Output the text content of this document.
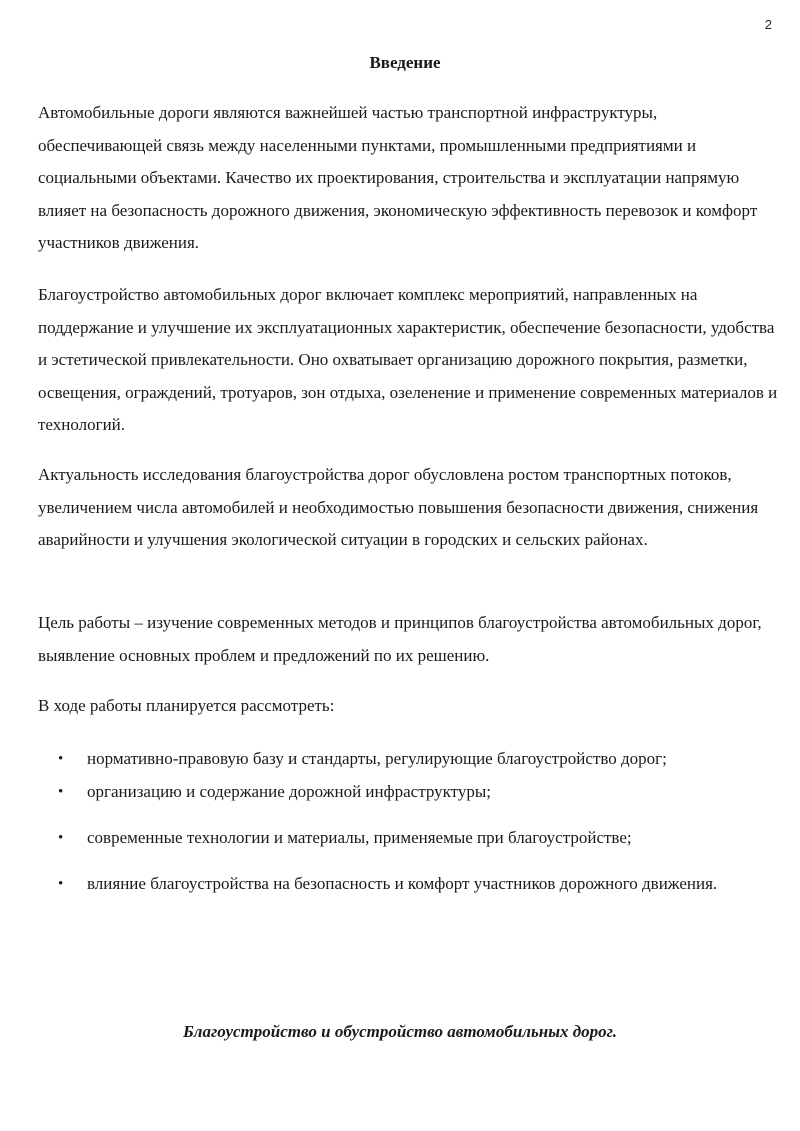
2
Введение

Автомобильные дороги являются важнейшей частью транспортной инфраструктуры, обеспечивающей связь между населенными пунктами, промышленными предприятиями и социальными объектами. Качество их проектирования, строительства и эксплуатации напрямую влияет на безопасность дорожного движения, экономическую эффективность перевозок и комфорт участников движения.

Благоустройство автомобильных дорог включает комплекс мероприятий, направленных на поддержание и улучшение их эксплуатационных характеристик, обеспечение безопасности, удобства и эстетической привлекательности. Оно охватывает организацию дорожного покрытия, разметки, освещения, ограждений, тротуаров, зон отдыха, озеленение и применение современных материалов и технологий.

Актуальность исследования благоустройства дорог обусловлена ростом транспортных потоков, увеличением числа автомобилей и необходимостью повышения безопасности движения, снижения аварийности и улучшения экологической ситуации в городских и сельских районах.

Цель работы – изучение современных методов и принципов благоустройства автомобильных дорог, выявление основных проблем и предложений по их решению.

В ходе работы планируется рассмотреть:

•	нормативно-правовую базу и стандарты, регулирующие благоустройство дорог;
•	организацию и содержание дорожной инфраструктуры;
•	современные технологии и материалы, применяемые при благоустройстве;
•	влияние благоустройства на безопасность и комфорт участников дорожного движения.
Благоустройство и обустройство автомобильных дорог.
